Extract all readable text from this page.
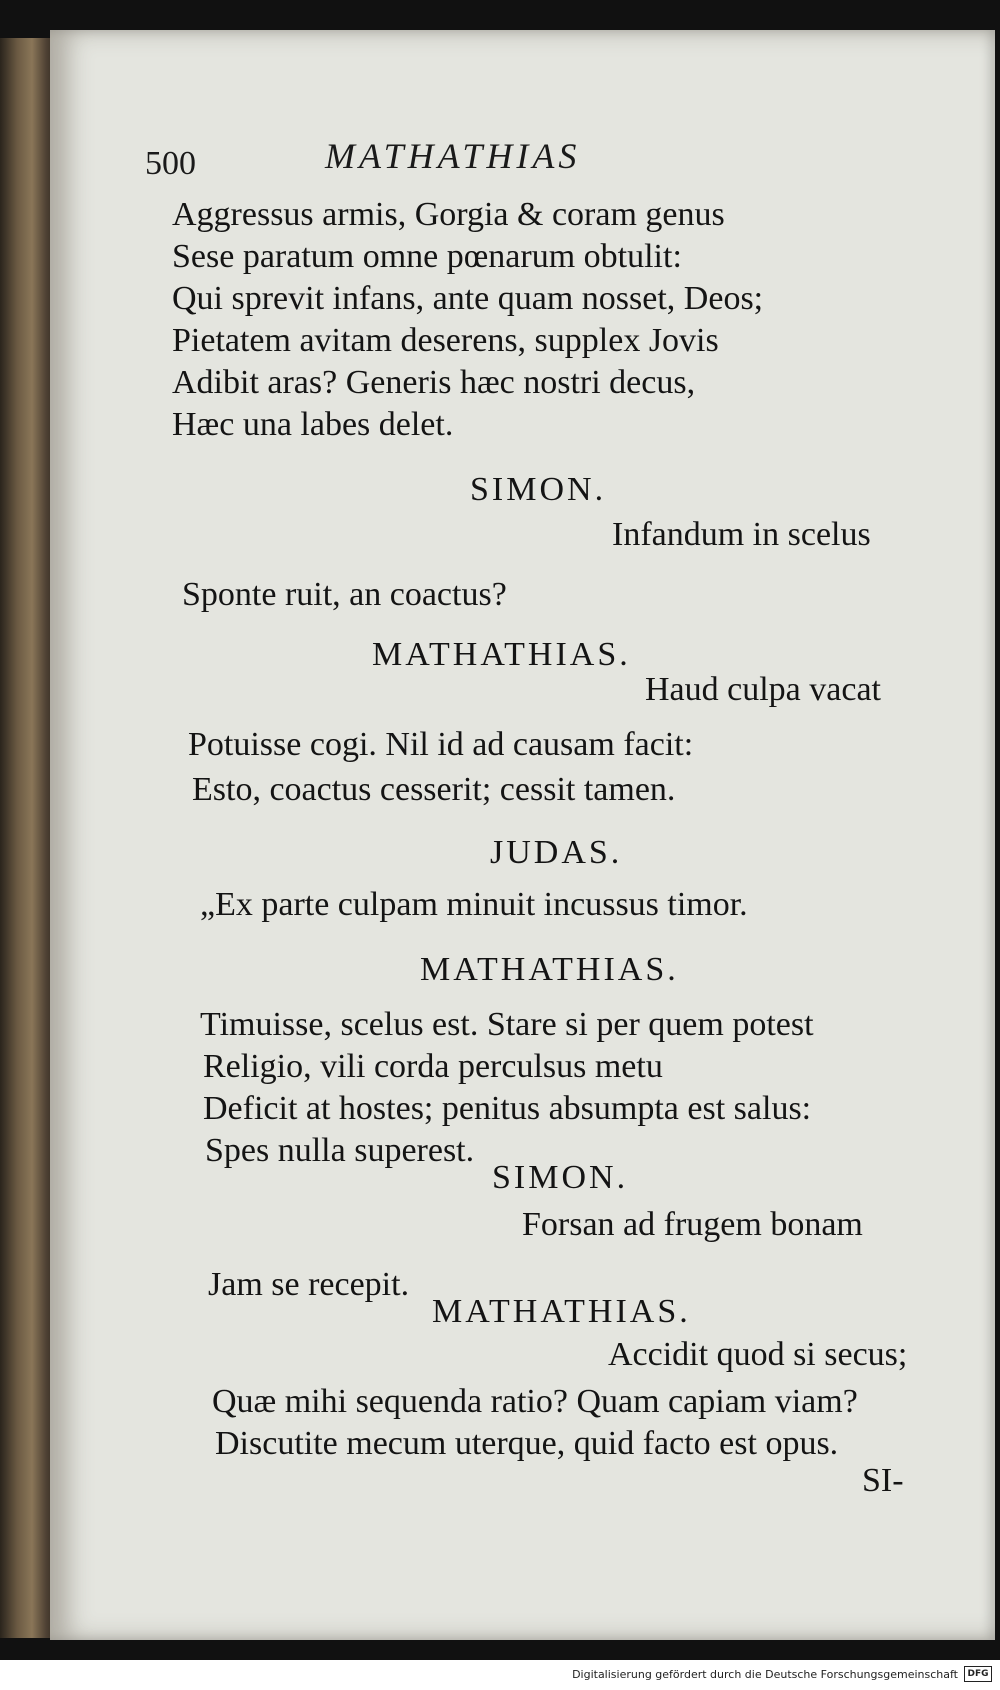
500	MATHATHIAS
Aggressus armis, Gorgia & coram genus
Sese paratum omne pœnarum obtulit:
Qui sprevit infans, ante quam nosset, Deos;
Pietatem avitam deserens, supplex Jovis
Adibit aras? Generis hæc nostri decus,
Hæc una labes delet.
SIMON.
Infandum in scelus
Sponte ruit, an coactus?
MATHATHIAS.
Haud culpa vacat
Potuisse cogi. Nil id ad causam facit:
Esto, coactus cesserit; cessit tamen.
JUDAS.
„Ex parte culpam minuit incussus timor.
MATHATHIAS.
Timuisse, scelus est. Stare si per quem potest
Religio, vili corda perculsus metu
Deficit at hostes; penitus absumpta est salus:
Spes nulla superest.
SIMON.
Forsan ad frugem bonam
Jam se recepit.
MATHATHIAS.
Accidit quod si secus;
Quæ mihi sequenda ratio? Quam capiam viam?
Discutite mecum uterque, quid facto est opus.
SI-
Digitalisierung gefördert durch die Deutsche Forschungsgemeinschaft	DFG
